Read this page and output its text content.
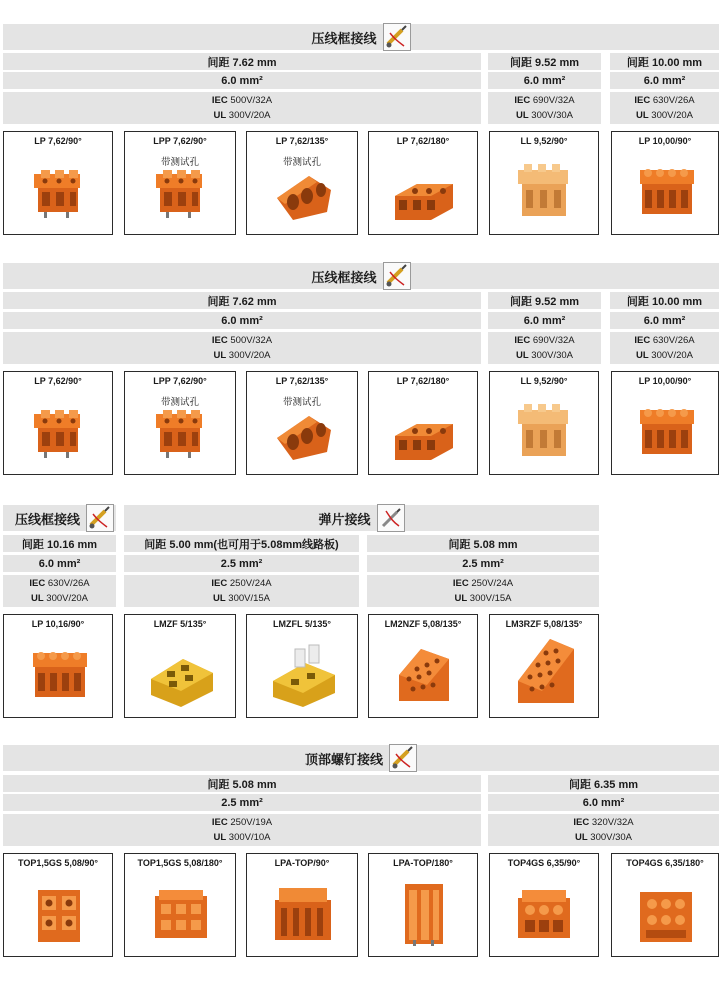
压线框接线
间距 7.62 mm	间距 9.52 mm	间距 10.00 mm
6.0 mm²	6.0 mm²	6.0 mm²
IEC 500V/32A
UL 300V/20A
IEC 690V/32A
UL 300V/30A
IEC 630V/26A
UL 300V/20A
LP 7,62/90°	LPP 7,62/90°
带测试孔
LP 7,62/135°
带测试孔
LP 7,62/180°	LL 9,52/90°	LP 10,00/90°
压线框接线
间距 7.62 mm	间距 9.52 mm	间距 10.00 mm
6.0 mm²	6.0 mm²	6.0 mm²
IEC 500V/32A
UL 300V/20A
IEC 690V/32A
UL 300V/30A
IEC 630V/26A
UL 300V/20A
LP 7,62/90°	LPP 7,62/90°
带测试孔
LP 7,62/135°
带测试孔
LP 7,62/180°	LL 9,52/90°	LP 10,00/90°
压线框接线	弹片接线
间距 10.16 mm	间距 5.00 mm(也可用于5.08mm线路板)	间距 5.08 mm
6.0 mm²	2.5 mm²	2.5 mm²
IEC 630V/26A
UL 300V/20A
IEC 250V/24A
UL 300V/15A
IEC 250V/24A
UL 300V/15A
LP 10,16/90°	LMZF 5/135°	LMZFL 5/135°	LM2NZF 5,08/135°	LM3RZF 5,08/135°
顶部螺钉接线
间距 5.08 mm	间距 6.35 mm
2.5 mm²	6.0 mm²
IEC 250V/19A
UL 300V/10A
IEC 320V/32A
UL 300V/30A
TOP1,5GS 5,08/90°	TOP1,5GS 5,08/180°	LPA-TOP/90°	LPA-TOP/180°	TOP4GS 6,35/90°	TOP4GS 6,35/180°
